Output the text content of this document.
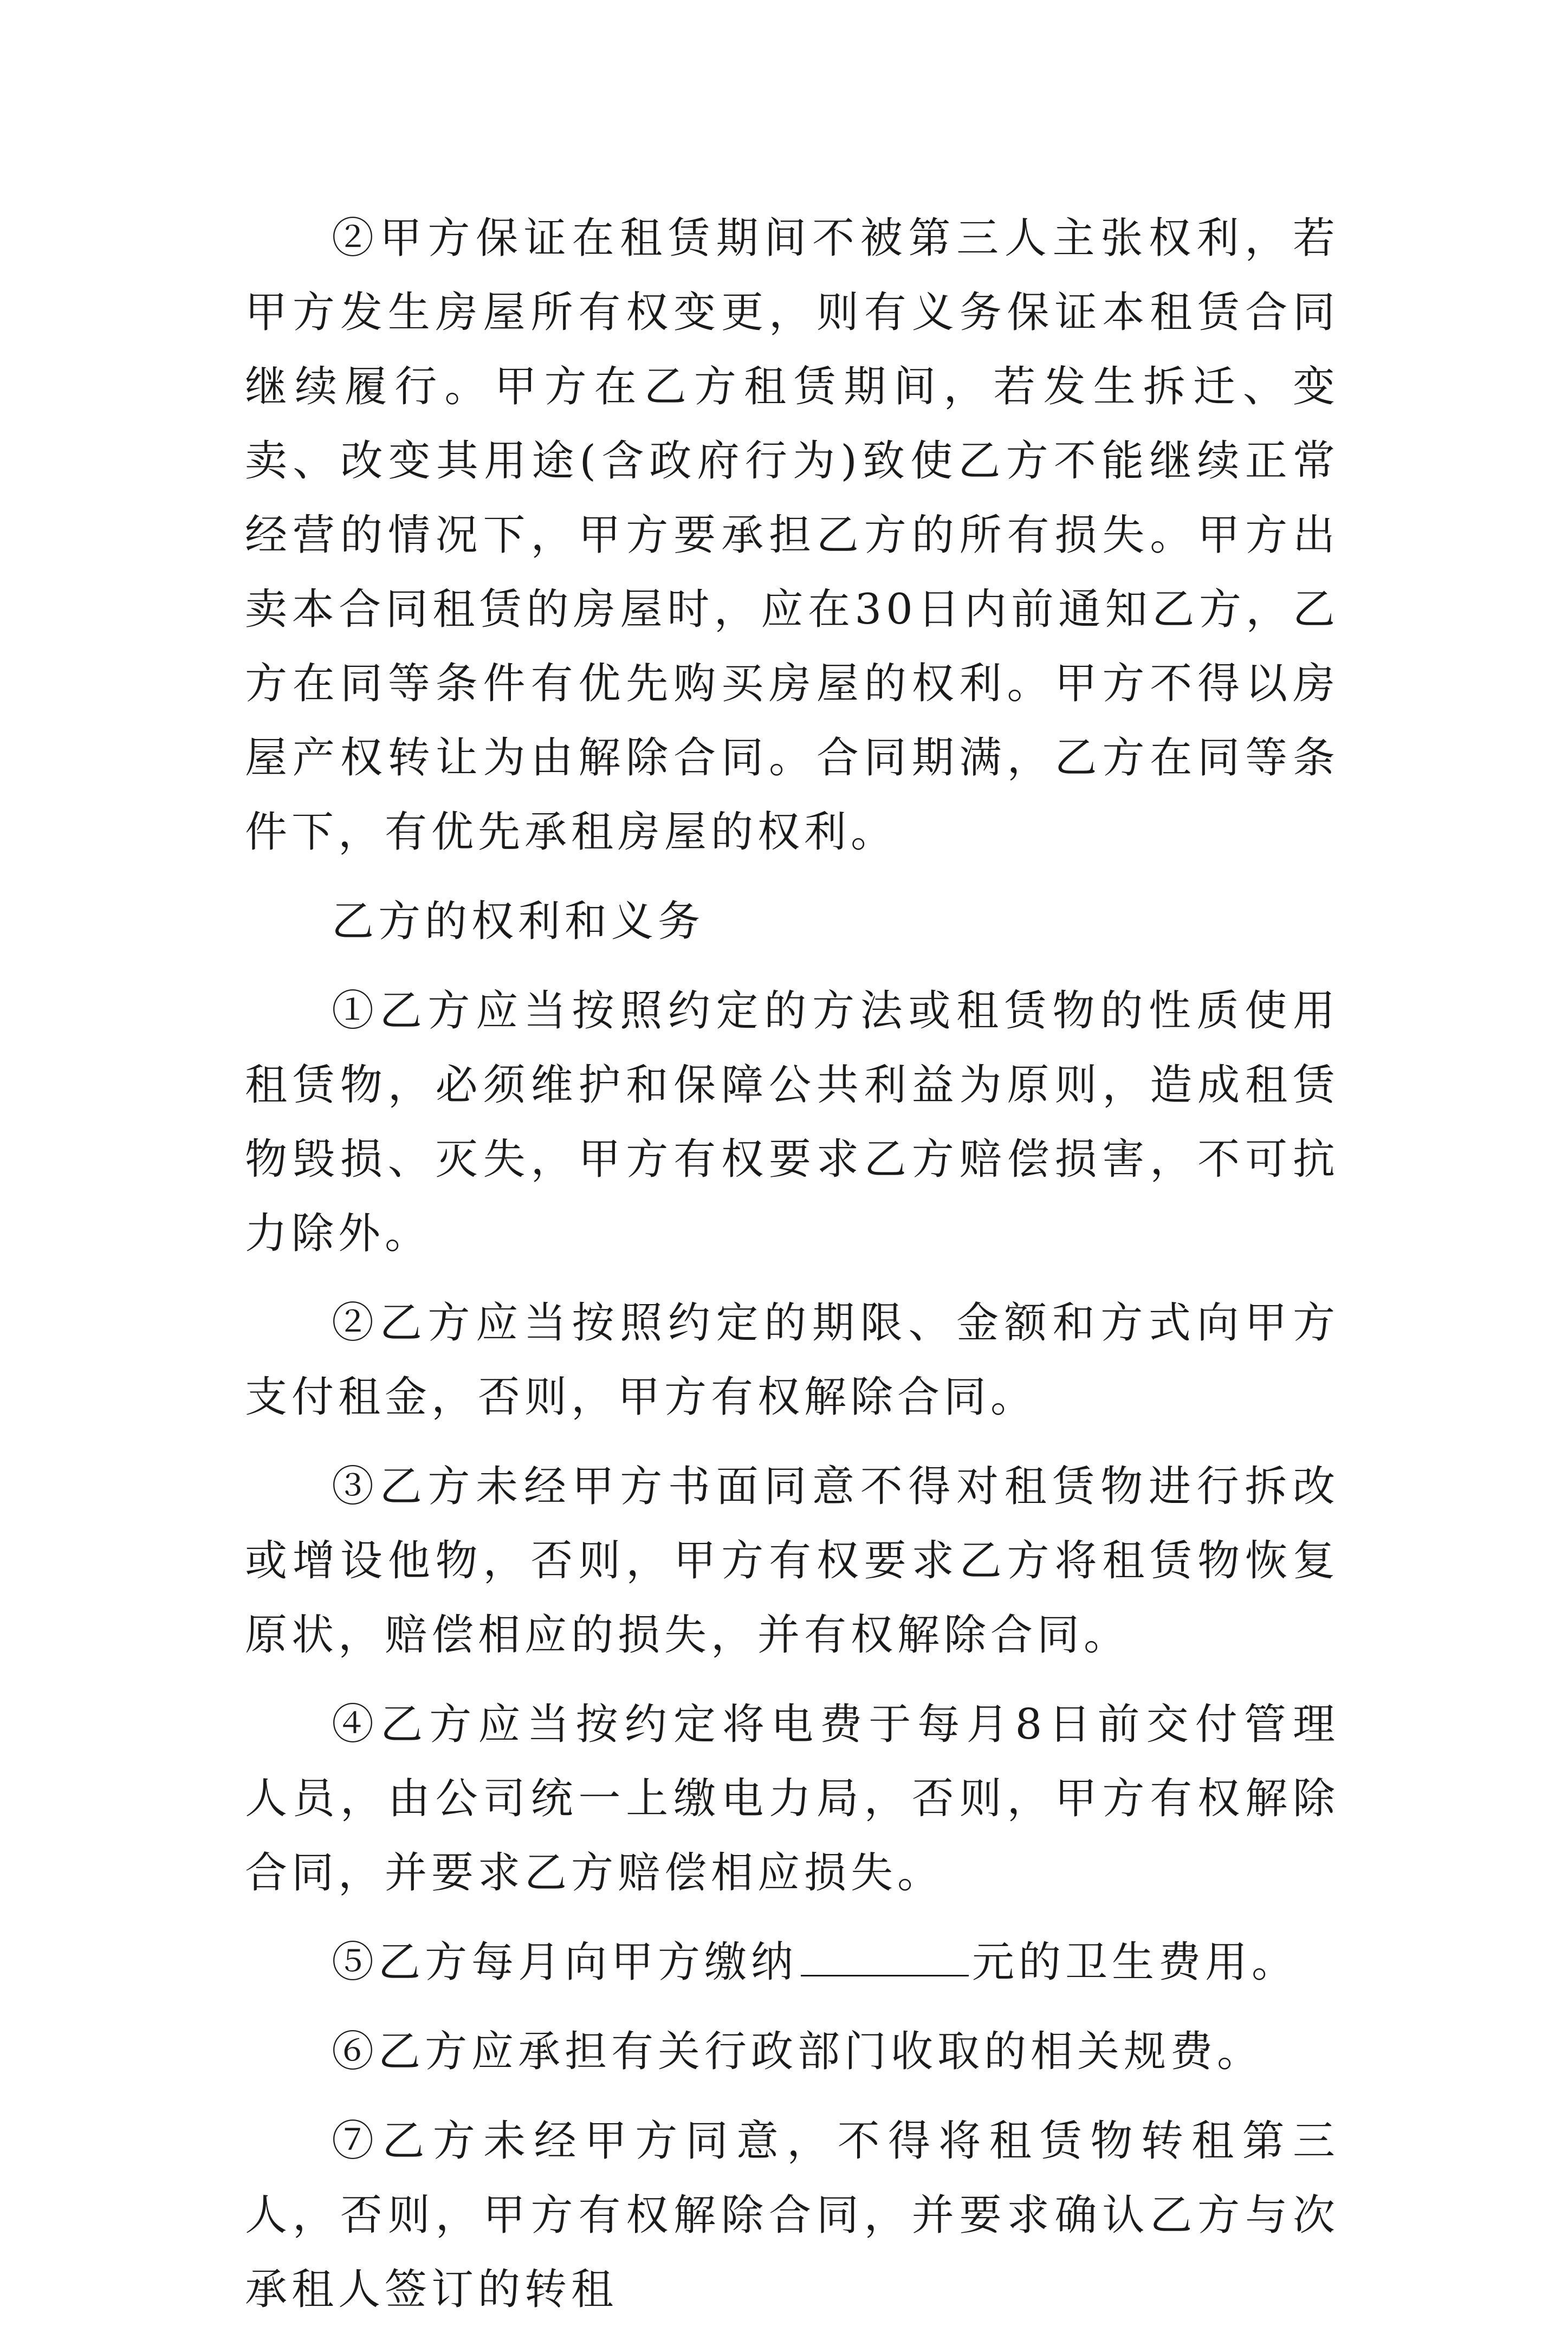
②甲方保证在租赁期间不被第三人主张权利，若甲方发生房屋所有权变更，则有义务保证本租赁合同继续履行。甲方在乙方租赁期间，若发生拆迁、变卖、改变其用途(含政府行为)致使乙方不能继续正常经营的情况下，甲方要承担乙方的所有损失。甲方出卖本合同租赁的房屋时，应在30日内前通知乙方，乙方在同等条件有优先购买房屋的权利。甲方不得以房屋产权转让为由解除合同。合同期满，乙方在同等条件下，有优先承租房屋的权利。

乙方的权利和义务

①乙方应当按照约定的方法或租赁物的性质使用租赁物，必须维护和保障公共利益为原则，造成租赁物毁损、灭失，甲方有权要求乙方赔偿损害，不可抗力除外。

②乙方应当按照约定的期限、金额和方式向甲方支付租金，否则，甲方有权解除合同。

③乙方未经甲方书面同意不得对租赁物进行拆改或增设他物，否则，甲方有权要求乙方将租赁物恢复原状，赔偿相应的损失，并有权解除合同。

④乙方应当按约定将电费于每月8日前交付管理人员，由公司统一上缴电力局，否则，甲方有权解除合同，并要求乙方赔偿相应损失。

⑤乙方每月向甲方缴纳	元的卫生费用。

⑥乙方应承担有关行政部门收取的相关规费。

⑦乙方未经甲方同意，不得将租赁物转租第三人，否则，甲方有权解除合同，并要求确认乙方与次承租人签订的转租
